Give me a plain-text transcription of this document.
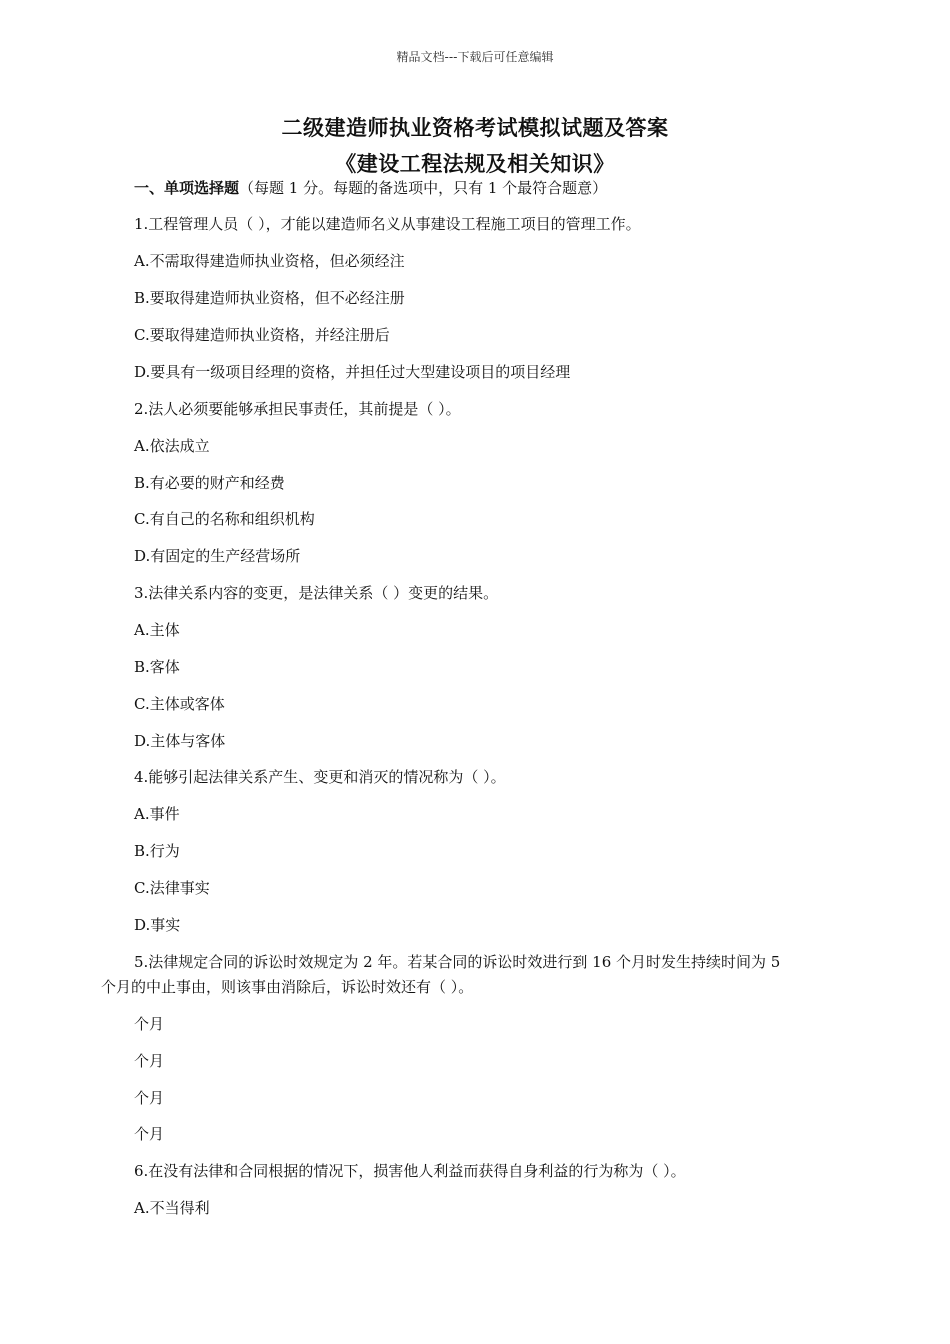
精品文档---下载后可任意编辑
二级建造师执业资格考试模拟试题及答案
《建设工程法规及相关知识》
一、单项选择题（每题 1 分。每题的备选项中，只有 1 个最符合题意）
1.工程管理人员（ ），才能以建造师名义从事建设工程施工项目的管理工作。
A.不需取得建造师执业资格，但必须经注
B.要取得建造师执业资格，但不必经注册
C.要取得建造师执业资格，并经注册后
D.要具有一级项目经理的资格，并担任过大型建设项目的项目经理
2.法人必须要能够承担民事责任，其前提是（ ）。
A.依法成立
B.有必要的财产和经费
C.有自己的名称和组织机构
D.有固定的生产经营场所
3.法律关系内容的变更，是法律关系（ ）变更的结果。
A.主体
B.客体
C.主体或客体
D.主体与客体
4.能够引起法律关系产生、变更和消灭的情况称为（ ）。
A.事件
B.行为
C.法律事实
D.事实
5.法律规定合同的诉讼时效规定为 2 年。若某合同的诉讼时效进行到 16 个月时发生持续时间为 5
个月的中止事由，则该事由消除后，诉讼时效还有（ ）。
个月
个月
个月
个月
6.在没有法律和合同根据的情况下，损害他人利益而获得自身利益的行为称为（ ）。
A.不当得利
